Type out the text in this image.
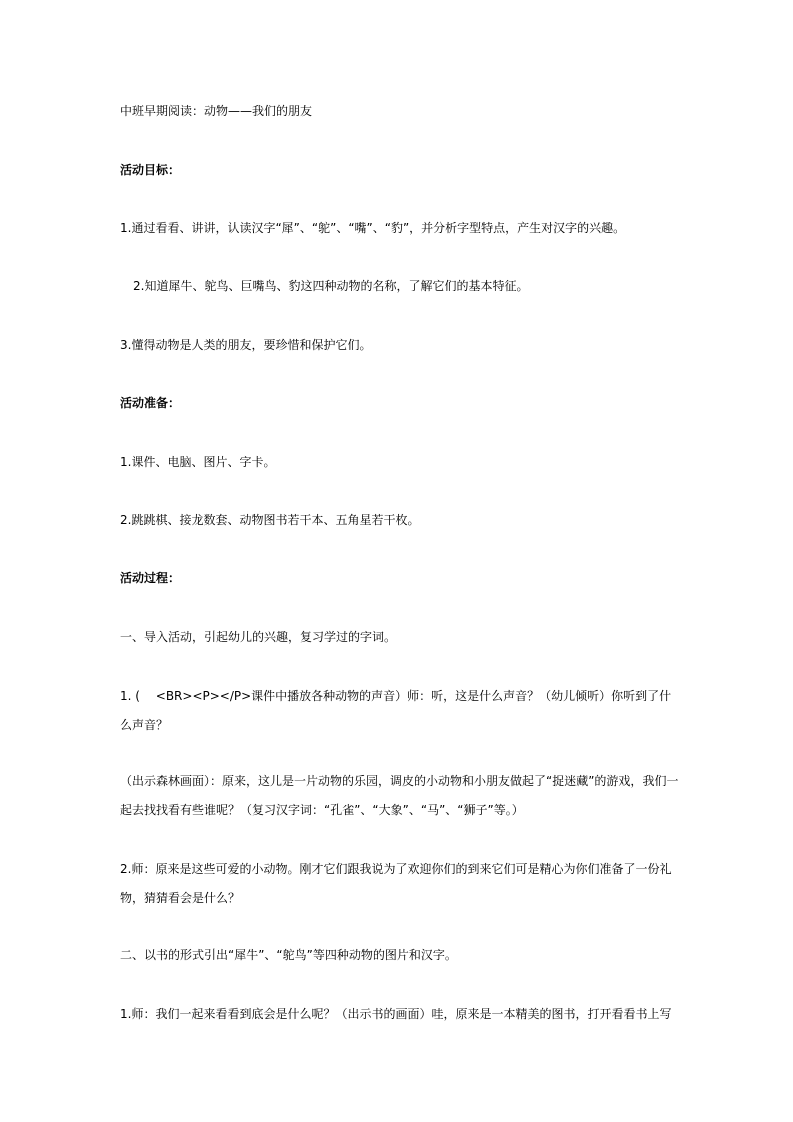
中班早期阅读：动物——我们的朋友
活动目标：
1.通过看看、讲讲，认读汉字“犀”、“鸵”、“嘴”、“豹”，并分析字型特点，产生对汉字的兴趣。
2.知道犀牛、鸵鸟、巨嘴鸟、豹这四种动物的名称，了解它们的基本特征。
3.懂得动物是人类的朋友，要珍惜和保护它们。
活动准备：
1.课件、电脑、图片、字卡。
2.跳跳棋、接龙数套、动物图书若干本、五角星若干枚。
活动过程：
一、导入活动，引起幼儿的兴趣，复习学过的字词。
1. (　 <BR><P></P>课件中播放各种动物的声音）师：听，这是什么声音？（幼儿倾听）你听到了什么声音？
（出示森林画面）：原来，这儿是一片动物的乐园，调皮的小动物和小朋友做起了“捉迷藏”的游戏，我们一起去找找看有些谁呢？（复习汉字词：“孔雀”、“大象”、“马”、“狮子”等。）
2.师：原来是这些可爱的小动物。刚才它们跟我说为了欢迎你们的到来它们可是精心为你们准备了一份礼物，猜猜看会是什么？
二、以书的形式引出“犀牛”、“鸵鸟”等四种动物的图片和汉字。
1.师：我们一起来看看到底会是什么呢？（出示书的画面）哇，原来是一本精美的图书，打开看看书上写
